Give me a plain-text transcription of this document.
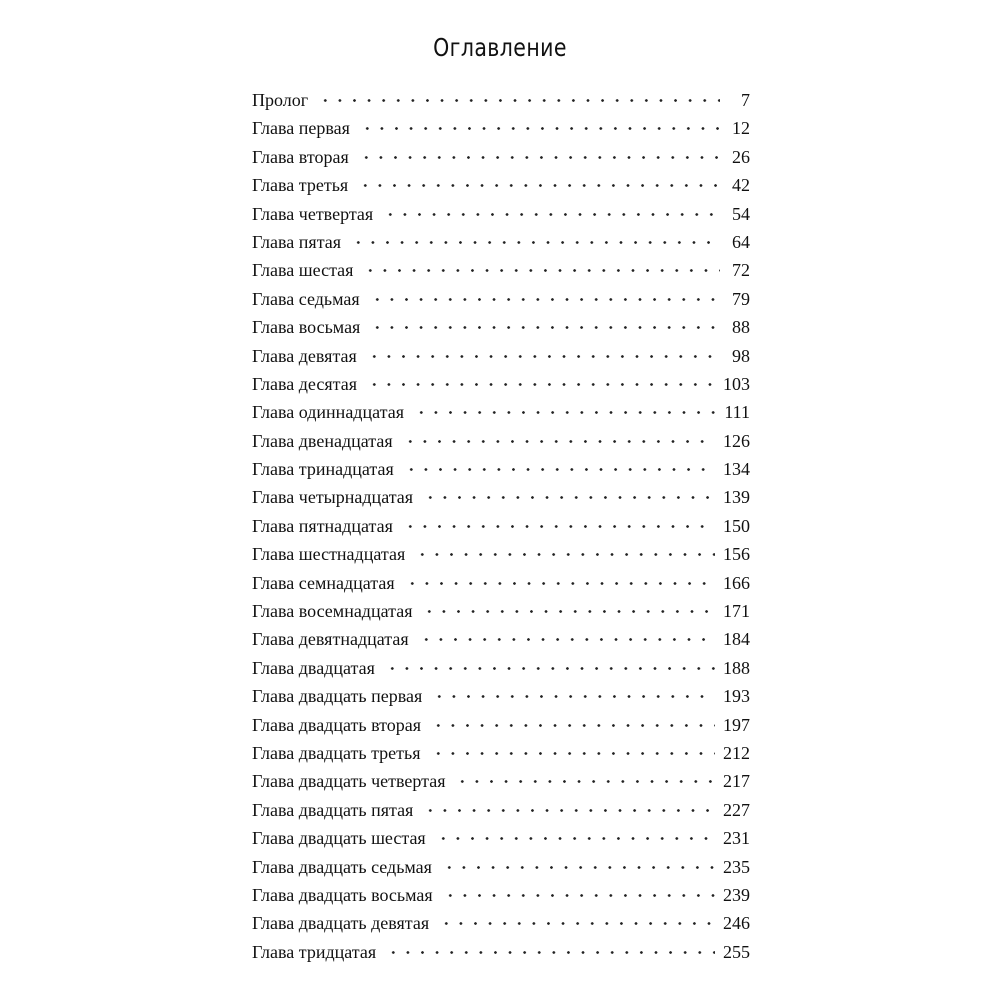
Оглавление
Пролог	7
Глава первая	12
Глава вторая	26
Глава третья	42
Глава четвертая	54
Глава пятая	64
Глава шестая	72
Глава седьмая	79
Глава восьмая	88
Глава девятая	98
Глава десятая	103
Глава одиннадцатая	111
Глава двенадцатая	126
Глава тринадцатая	134
Глава четырнадцатая	139
Глава пятнадцатая	150
Глава шестнадцатая	156
Глава семнадцатая	166
Глава восемнадцатая	171
Глава девятнадцатая	184
Глава двадцатая	188
Глава двадцать первая	193
Глава двадцать вторая	197
Глава двадцать третья	212
Глава двадцать четвертая	217
Глава двадцать пятая	227
Глава двадцать шестая	231
Глава двадцать седьмая	235
Глава двадцать восьмая	239
Глава двадцать девятая	246
Глава тридцатая	255
